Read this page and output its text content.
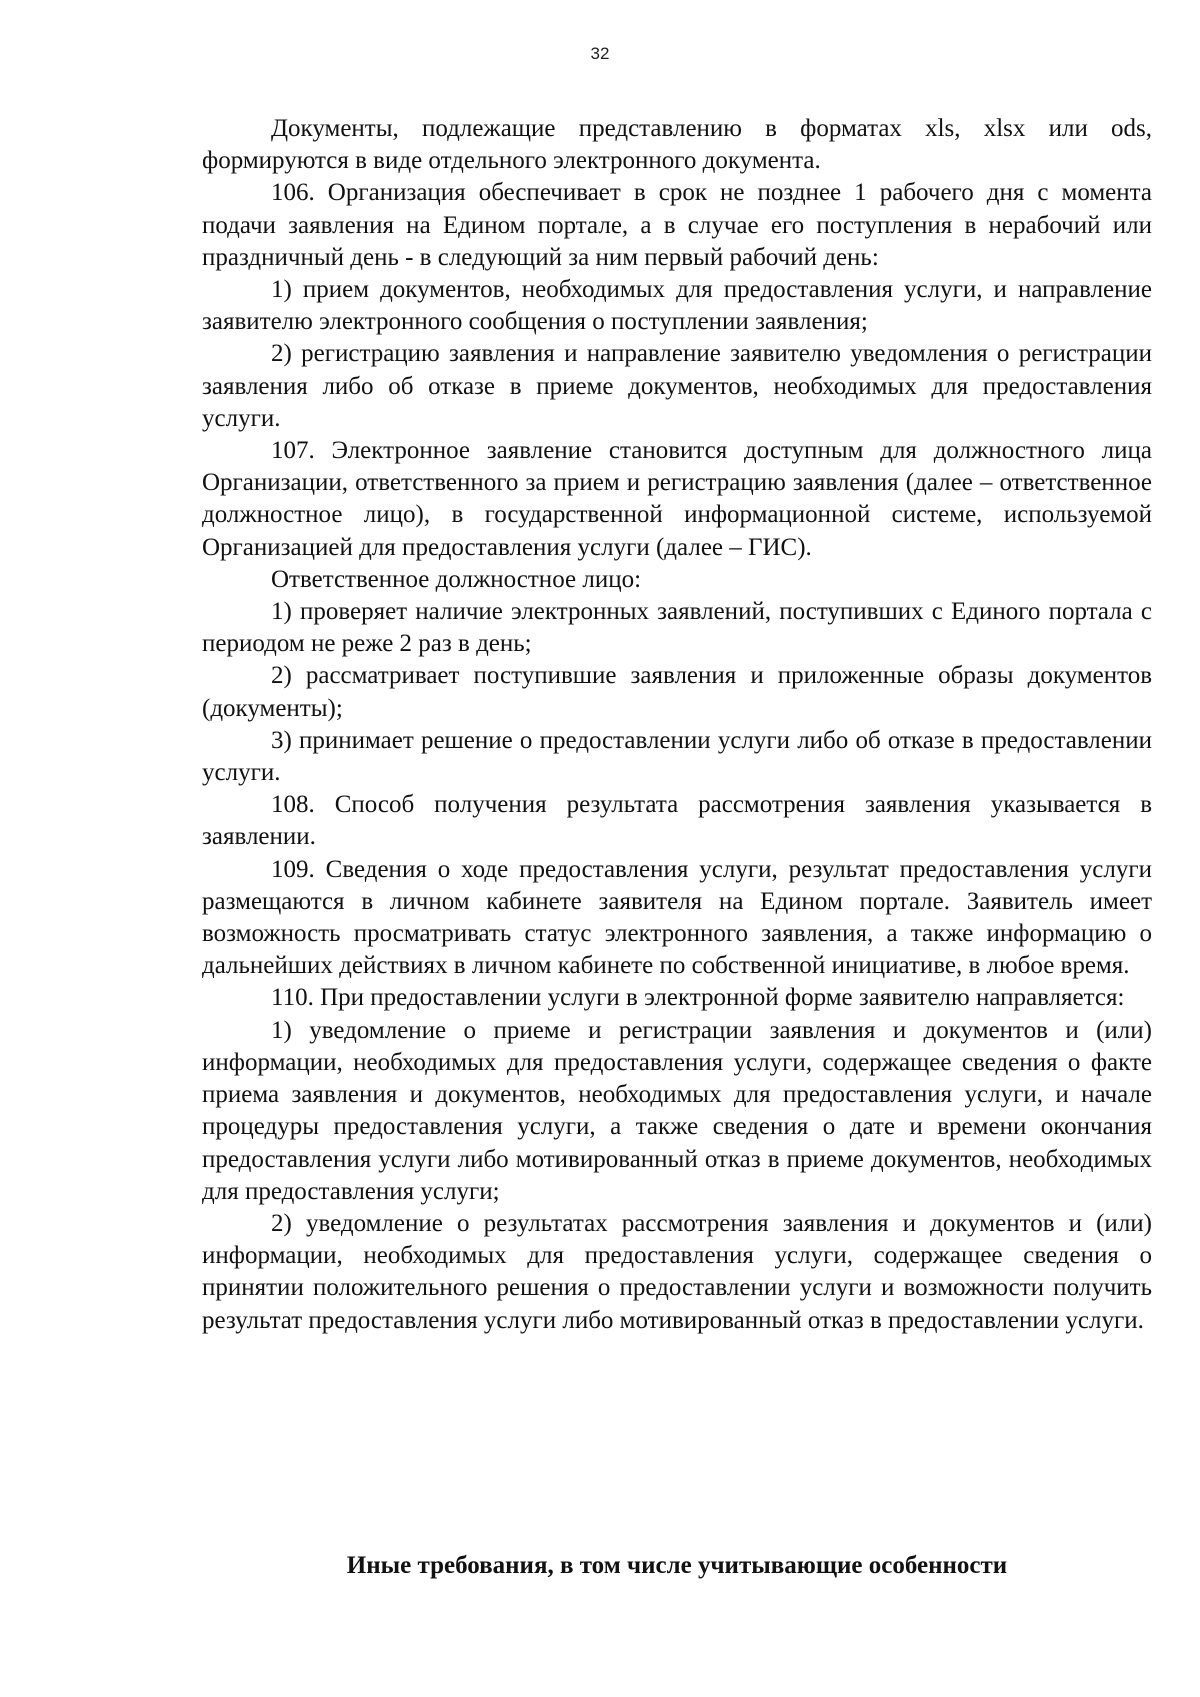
32

Документы, подлежащие представлению в форматах xls, xlsx или ods, формируются в виде отдельного электронного документа.

106. Организация обеспечивает в срок не позднее 1 рабочего дня с момента подачи заявления на Едином портале, а в случае его поступления в нерабочий или праздничный день - в следующий за ним первый рабочий день:

1) прием документов, необходимых для предоставления услуги, и направление заявителю электронного сообщения о поступлении заявления;

2) регистрацию заявления и направление заявителю уведомления о регистрации заявления либо об отказе в приеме документов, необходимых для предоставления услуги.

107. Электронное заявление становится доступным для должностного лица Организации, ответственного за прием и регистрацию заявления (далее – ответственное должностное лицо), в государственной информационной системе, используемой Организацией для предоставления услуги (далее – ГИС).

Ответственное должностное лицо:

1) проверяет наличие электронных заявлений, поступивших с Единого портала с периодом не реже 2 раз в день;

2) рассматривает поступившие заявления и приложенные образы документов (документы);

3) принимает решение о предоставлении услуги либо об отказе в предоставлении услуги.

108. Способ получения результата рассмотрения заявления указывается в заявлении.

109. Сведения о ходе предоставления услуги, результат предоставления услуги размещаются в личном кабинете заявителя на Едином портале. Заявитель имеет возможность просматривать статус электронного заявления, а также информацию о дальнейших действиях в личном кабинете по собственной инициативе, в любое время.

110. При предоставлении услуги в электронной форме заявителю направляется:

1) уведомление о приеме и регистрации заявления и документов и (или) информации, необходимых для предоставления услуги, содержащее сведения о факте приема заявления и документов, необходимых для предоставления услуги, и начале процедуры предоставления услуги, а также сведения о дате и времени окончания предоставления услуги либо мотивированный отказ в приеме документов, необходимых для предоставления услуги;

2) уведомление о результатах рассмотрения заявления и документов и (или) информации, необходимых для предоставления услуги, содержащее сведения о принятии положительного решения о предоставлении услуги и возможности получить результат предоставления услуги либо мотивированный отказ в предоставлении услуги.

Иные требования, в том числе учитывающие особенности
